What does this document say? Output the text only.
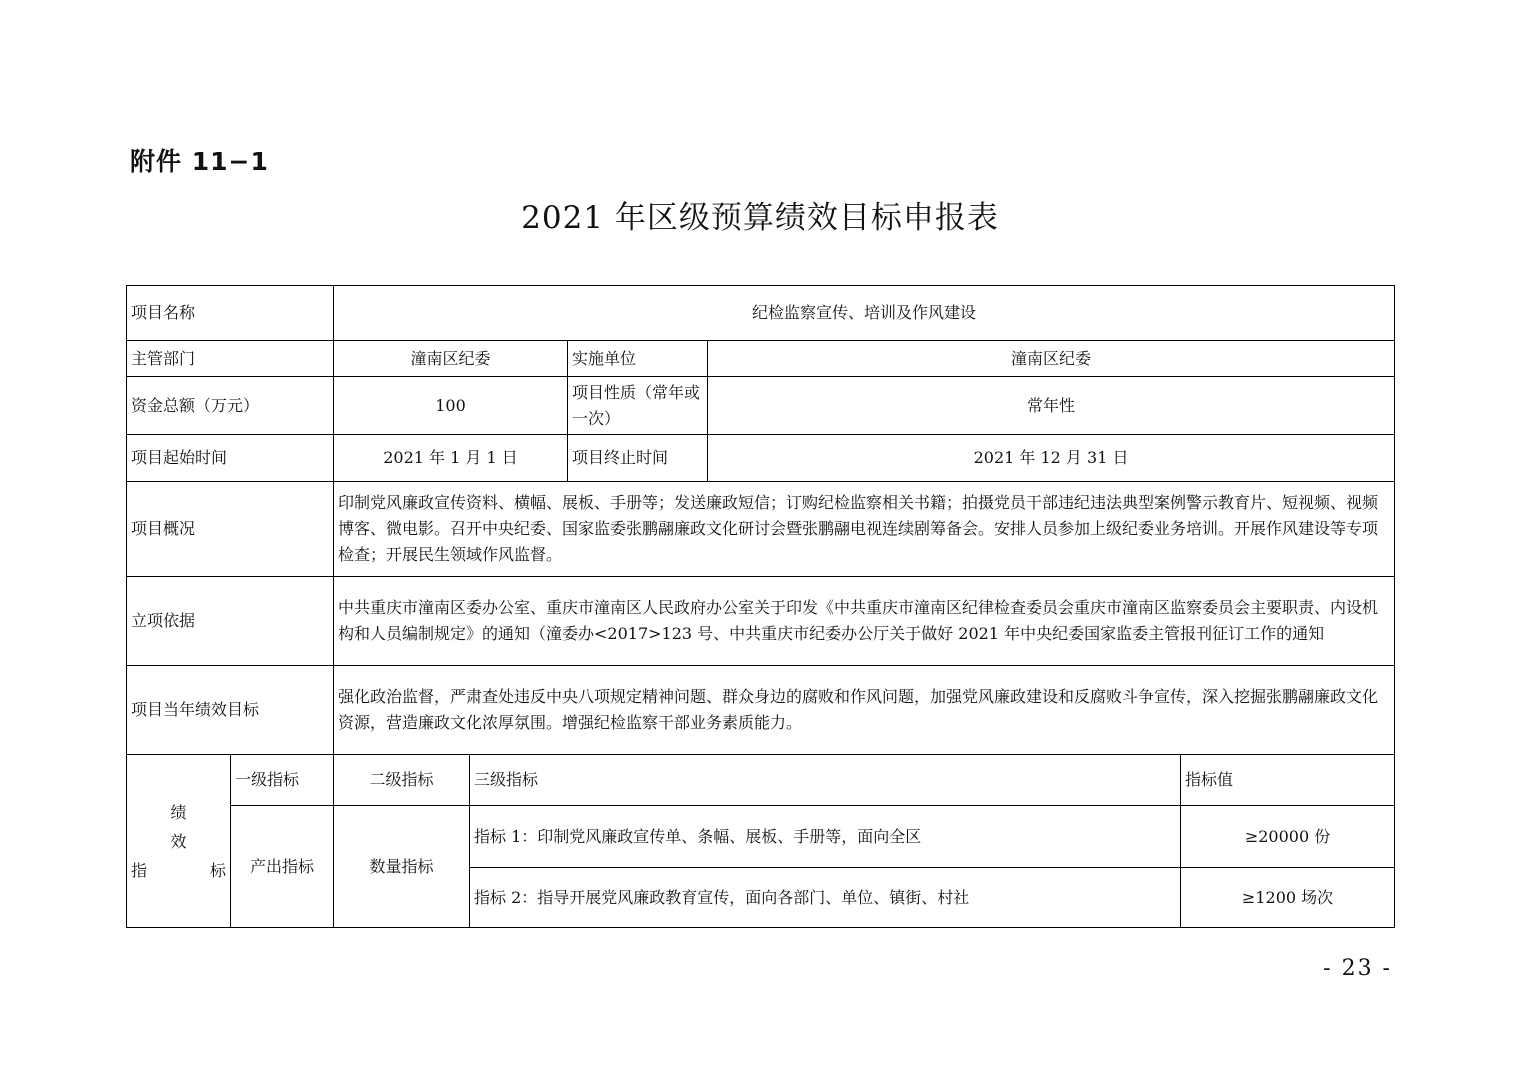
附件 11−1
2021 年区级预算绩效目标申报表
项目名称		纪检监察宣传、培训及作风建设				
主管部门		潼南区纪委		实施单位	潼南区纪委	
资金总额（万元）		100		项目性质（常年或一次）	常年性	
项目起始时间		2021 年 1 月 1 日		项目终止时间	2021 年 12 月 31 日	
项目概况		印制党风廉政宣传资料、横幅、展板、手册等；发送廉政短信；订购纪检监察相关书籍；拍摄党员干部违纪违法典型案例警示教育片、短视频、视频博客、微电影。召开中央纪委、国家监委张鹏翮廉政文化研讨会暨张鹏翮电视连续剧筹备会。安排人员参加上级纪委业务培训。开展作风建设等专项检查；开展民生领域作风监督。				
立项依据		中共重庆市潼南区委办公室、重庆市潼南区人民政府办公室关于印发《中共重庆市潼南区纪律检查委员会重庆市潼南区监察委员会主要职责、内设机构和人员编制规定》的通知（潼委办<2017>123 号、中共重庆市纪委办公厅关于做好 2021 年中央纪委国家监委主管报刊征订工作的通知				
项目当年绩效目标		强化政治监督，严肃查处违反中央八项规定精神问题、群众身边的腐败和作风问题，加强党风廉政建设和反腐败斗争宣传，深入挖掘张鹏翮廉政文化资源，营造廉政文化浓厚氛围。增强纪检监察干部业务素质能力。				

绩
效
指 标	一级指标	二级指标	三级指标			指标值
	产出指标	数量指标	指标 1：印制党风廉政宣传单、条幅、展板、手册等，面向全区			≥20000 份
			指标 2：指导开展党风廉政教育宣传，面向各部门、单位、镇街、村社			≥1200 场次
- 23 -
